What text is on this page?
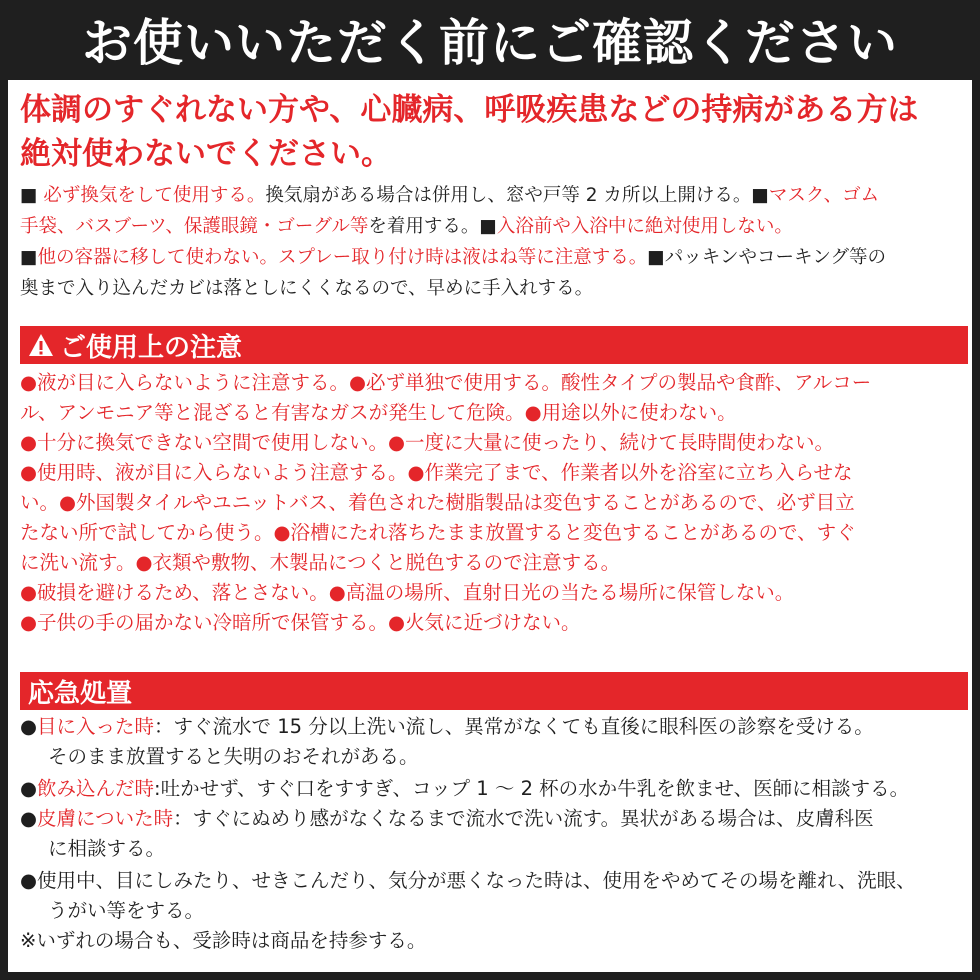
お使いいただく前にご確認ください
体調のすぐれない方や、心臓病、呼吸疾患などの持病がある方は
絶対使わないでください。

■ 必ず換気をして使用する。換気扇がある場合は併用し、窓や戸等 2 カ所以上開ける。■マスク、ゴム

手袋、バスブーツ、保護眼鏡・ゴーグル等を着用する。■入浴前や入浴中に絶対使用しない。

■他の容器に移して使わない。スプレー取り付け時は液はね等に注意する。■パッキンやコーキング等の

奥まで入り込んだカビは落としにくくなるので、早めに手入れする。

ご使用上の注意

●液が目に入らないように注意する。●必ず単独で使用する。酸性タイプの製品や食酢、アルコー

ル、アンモニア等と混ざると有害なガスが発生して危険。●用途以外に使わない。

●十分に換気できない空間で使用しない。●一度に大量に使ったり、続けて長時間使わない。

●使用時、液が目に入らないよう注意する。●作業完了まで、作業者以外を浴室に立ち入らせな

い。●外国製タイルやユニットバス、着色された樹脂製品は変色することがあるので、必ず目立

たない所で試してから使う。●浴槽にたれ落ちたまま放置すると変色することがあるので、すぐ

に洗い流す。●衣類や敷物、木製品につくと脱色するので注意する。

●破損を避けるため、落とさない。●高温の場所、直射日光の当たる場所に保管しない。

●子供の手の届かない冷暗所で保管する。●火気に近づけない。

応急処置

●目に入った時：すぐ流水で 15 分以上洗い流し、異常がなくても直後に眼科医の診察を受ける。

そのまま放置すると失明のおそれがある。

●飲み込んだ時:吐かせず、すぐ口をすすぎ、コップ 1 ～ 2 杯の水か牛乳を飲ませ、医師に相談する。

●皮膚についた時：すぐにぬめり感がなくなるまで流水で洗い流す。異状がある場合は、皮膚科医

に相談する。

●使用中、目にしみたり、せきこんだり、気分が悪くなった時は、使用をやめてその場を離れ、洗眼、

うがい等をする。

※いずれの場合も、受診時は商品を持参する。
